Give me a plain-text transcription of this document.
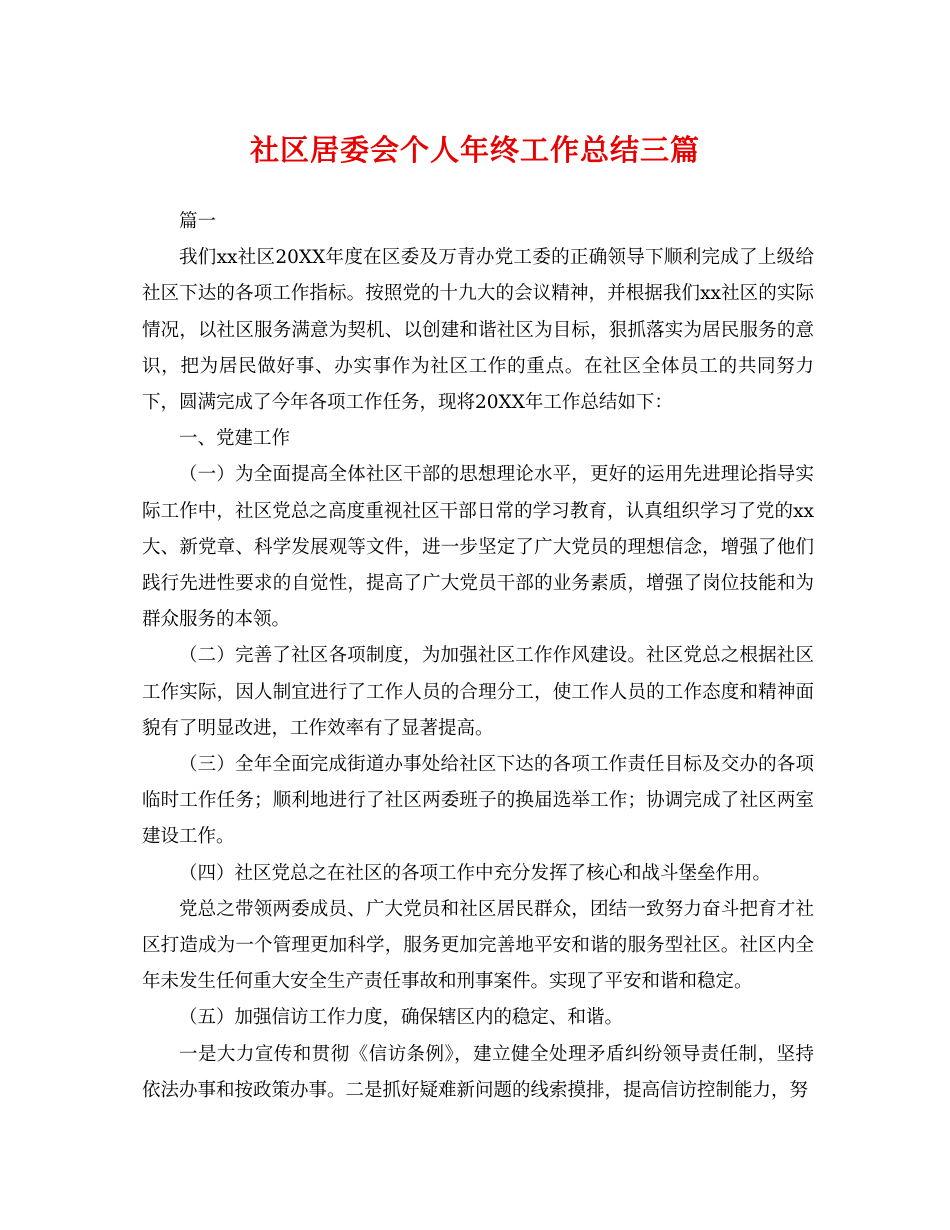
社区居委会个人年终工作总结三篇

篇一

我们xx社区20XX年度在区委及万青办党工委的正确领导下顺利完成了上级给社区下达的各项工作指标。按照党的十九大的会议精神，并根据我们xx社区的实际情况，以社区服务满意为契机、以创建和谐社区为目标，狠抓落实为居民服务的意识，把为居民做好事、办实事作为社区工作的重点。在社区全体员工的共同努力下，圆满完成了今年各项工作任务，现将20XX年工作总结如下：

一、党建工作

（一）为全面提高全体社区干部的思想理论水平，更好的运用先进理论指导实际工作中，社区党总之高度重视社区干部日常的学习教育，认真组织学习了党的xx大、新党章、科学发展观等文件，进一步坚定了广大党员的理想信念，增强了他们践行先进性要求的自觉性，提高了广大党员干部的业务素质，增强了岗位技能和为群众服务的本领。

（二）完善了社区各项制度，为加强社区工作作风建设。社区党总之根据社区工作实际，因人制宜进行了工作人员的合理分工，使工作人员的工作态度和精神面貌有了明显改进，工作效率有了显著提高。

（三）全年全面完成街道办事处给社区下达的各项工作责任目标及交办的各项临时工作任务；顺利地进行了社区两委班子的换届选举工作；协调完成了社区两室建设工作。

（四）社区党总之在社区的各项工作中充分发挥了核心和战斗堡垒作用。

党总之带领两委成员、广大党员和社区居民群众，团结一致努力奋斗把育才社区打造成为一个管理更加科学，服务更加完善地平安和谐的服务型社区。社区内全年未发生任何重大安全生产责任事故和刑事案件。实现了平安和谐和稳定。

（五）加强信访工作力度，确保辖区内的稳定、和谐。

一是大力宣传和贯彻《信访条例》，建立健全处理矛盾纠纷领导责任制，坚持依法办事和按政策办事。二是抓好疑难新问题的线索摸排，提高信访控制能力，努
